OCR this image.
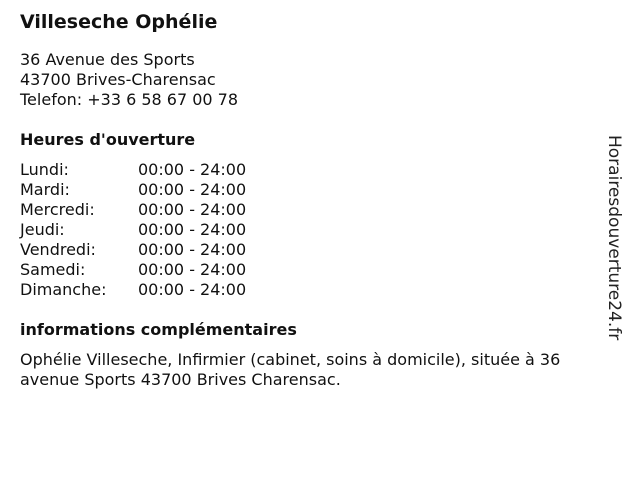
Villeseche Ophélie
36 Avenue des Sports
43700 Brives-Charensac
Telefon: +33 6 58 67 00 78
Heures d'ouverture
Lundi:	00:00 - 24:00
Mardi:	00:00 - 24:00
Mercredi:	00:00 - 24:00
Jeudi:	00:00 - 24:00
Vendredi:	00:00 - 24:00
Samedi:	00:00 - 24:00
Dimanche:	00:00 - 24:00
informations complémentaires
Ophélie Villeseche, Infirmier (cabinet, soins à domicile), située à 36 avenue Sports 43700 Brives Charensac.
Horairesdouverture24.fr
